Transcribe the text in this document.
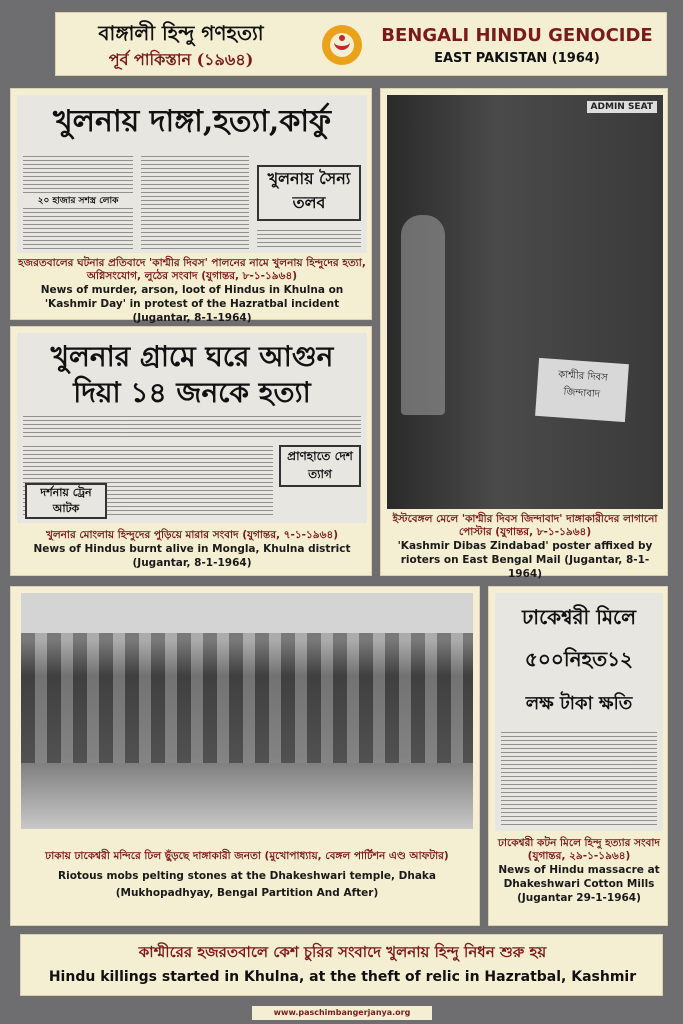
বাঙ্গালী হিন্দু গণহত্যা
পূর্ব পাকিস্তান (১৯৬৪)
BENGALI HINDU GENOCIDE
EAST PAKISTAN (1964)
খুলনায় দাঙ্গা,হত্যা,কার্ফু
২০ হাজার সশস্ত্র লোক
খুলনায় সৈন্য তলব
হজরতবালের ঘটনার প্রতিবাদে 'কাশ্মীর দিবস' পালনের নামে খুলনায় হিন্দুদের হত্যা, অগ্নিসংযোগ, লুঠের সংবাদ (যুগান্তর, ৮-১-১৯৬৪)
News of murder, arson, loot of Hindus in Khulna on 'Kashmir Day' in protest of the Hazratbal incident (Jugantar, 8-1-1964)
খুলনার গ্রামে ঘরে আগুন
দিয়া ১৪ জনকে হত্যা
প্রাণহাতে দেশ ত্যাগ
দর্শনায় ট্রেন আটক
খুলনার মোংলায় হিন্দুদের পুড়িয়ে মারার সংবাদ (যুগান্তর, ৭-১-১৯৬৪)
News of Hindus burnt alive in Mongla, Khulna district (Jugantar, 8-1-1964)
ADMIN SEAT
কাশ্মীর দিবস জিন্দাবাদ
ইস্টবেঙ্গল মেলে 'কাশ্মীর দিবস জিন্দাবাদ' দাঙ্গাকারীদের লাগানো পোস্টার (যুগান্তর, ৮-১-১৯৬৪)
'Kashmir Dibas Zindabad' poster affixed by rioters on East Bengal Mail (Jugantar, 8-1-1964)
ঢাকায় ঢাকেশ্বরী মন্দিরে ঢিল ছুঁড়ছে দাঙ্গাকারী জনতা (মুখোপাধ্যায়, বেঙ্গল পার্টিশন এণ্ড আফটার)
Riotous mobs pelting stones at the Dhakeshwari temple, Dhaka (Mukhopadhyay, Bengal Partition And After)
ঢাকেশ্বরী মিলে
৫০০নিহত১২
লক্ষ টাকা ক্ষতি
ঢাকেশ্বরী কটন মিলে হিন্দু হত্যার সংবাদ (যুগান্তর, ২৯-১-১৯৬৪)
News of Hindu massacre at Dhakeshwari Cotton Mills (Jugantar 29-1-1964)
কাশ্মীরের হজরতবালে কেশ চুরির সংবাদে খুলনায় হিন্দু নিধন শুরু হয়
Hindu killings started in Khulna, at the theft of relic in Hazratbal, Kashmir
www.paschimbangerjanya.org
